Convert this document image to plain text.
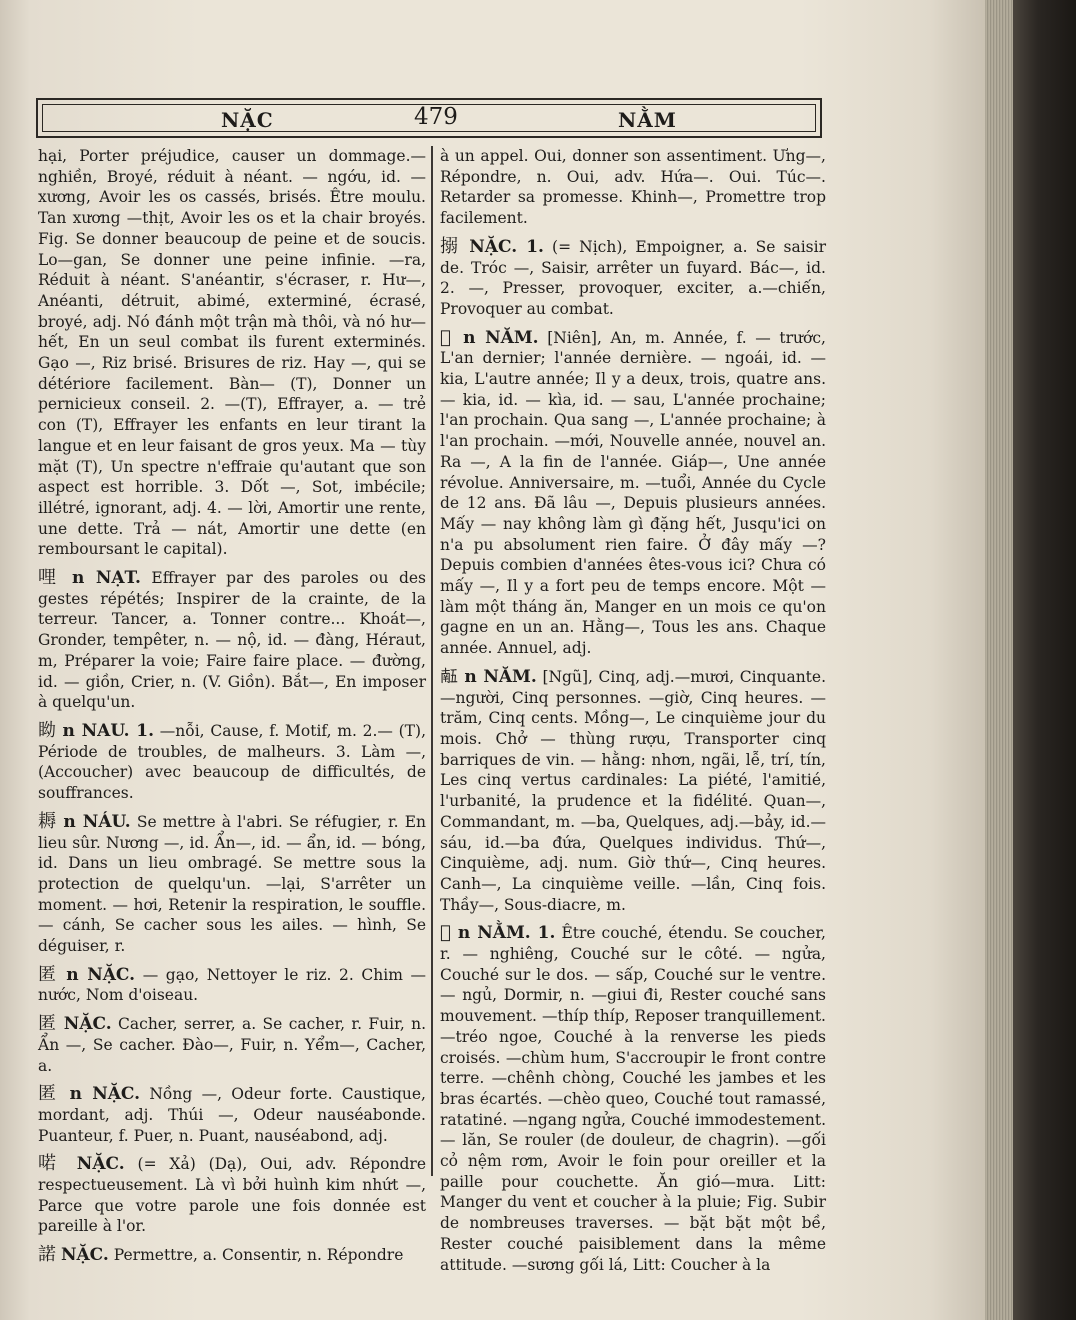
NẶC	479	NẰM

hại, Porter préjudice, causer un dommage.—nghiền, Broyé, réduit à néant. — ngớu, id. — xương, Avoir les os cassés, brisés. Être moulu. Tan xương —thịt, Avoir les os et la chair broyés. Fig. Se donner beaucoup de peine et de soucis. Lo—gan, Se donner une peine infinie. —ra, Réduit à néant. S'anéantir, s'écraser, r. Hư—, Anéanti, détruit, abimé, exterminé, écrasé, broyé, adj. Nó đánh một trận mà thôi, và nó hư—hết, En un seul combat ils furent exterminés. Gạo —, Riz brisé. Brisures de riz. Hay —, qui se détériore facilement. Bàn— (T), Donner un pernicieux conseil. 2. —(T), Effrayer, a. — trẻ con (T), Effrayer les enfants en leur tirant la langue et en leur faisant de gros yeux. Ma — tùy mặt (T), Un spectre n'effraie qu'autant que son aspect est horrible. 3. Dốt —, Sot, imbécile; illétré, ignorant, adj. 4. — lời, Amortir une rente, une dette. Trả — nát, Amortir une dette (en remboursant le capital).

哩 n NẠT. Effrayer par des paroles ou des gestes répétés; Inspirer de la crainte, de la terreur. Tancer, a. Tonner contre... Khoát—, Gronder, tempêter, n. — nộ, id. — đàng, Héraut, m, Préparer la voie; Faire faire place. — đường, id. — giồn, Crier, n. (V. Giồn). Bắt—, En imposer à quelqu'un.

眑 n NAU. 1. —nỗi, Cause, f. Motif, m. 2.— (T), Période de troubles, de malheurs. 3. Làm —, (Accoucher) avec beaucoup de difficultés, de souffrances.

耨 n NÁU. Se mettre à l'abri. Se réfugier, r. En lieu sûr. Nương —, id. Ẩn—, id. — ẩn, id. — bóng, id. Dans un lieu ombragé. Se mettre sous la protection de quelqu'un. —lại, S'arrêter un moment. — hơi, Retenir la respiration, le souffle. — cánh, Se cacher sous les ailes. — hình, Se déguiser, r.

匿 n NẶC. — gạo, Nettoyer le riz. 2. Chim — nước, Nom d'oiseau.

匿 NẶC. Cacher, serrer, a. Se cacher, r. Fuir, n. Ẩn —, Se cacher. Đào—, Fuir, n. Yểm—, Cacher, a.

匿 n NẶC. Nồng —, Odeur forte. Caustique, mordant, adj. Thúi —, Odeur nauséabonde. Puanteur, f. Puer, n. Puant, nauséabond, adj.

喏 NẶC. (= Xả) (Dạ), Oui, adv. Répondre respectueusement. Là vì bởi huình kim nhứt —, Parce que votre parole une fois donnée est pareille à l'or.

諾 NẶC. Permettre, a. Consentir, n. Répondre

à un appel. Oui, donner son assentiment. Ưng—, Répondre, n. Oui, adv. Hứa—. Oui. Túc—. Retarder sa promesse. Khinh—, Promettre trop facilement.

搦 NẶC. 1. (= Nịch), Empoigner, a. Se saisir de. Tróc —, Saisir, arrêter un fuyard. Bác—, id. 2. —, Presser, provoquer, exciter, a.—chiến, Provoquer au combat.

𢆥 n NĂM. [Niên], An, m. Année, f. — trước, L'an dernier; l'année dernière. — ngoái, id. — kia, L'autre année; Il y a deux, trois, quatre ans. — kia, id. — kìa, id. — sau, L'année prochaine; l'an prochain. Qua sang —, L'année prochaine; à l'an prochain. —mới, Nouvelle année, nouvel an. Ra —, A la fin de l'année. Giáp—, Une année révolue. Anniversaire, m. —tuổi, Année du Cycle de 12 ans. Đã lâu —, Depuis plusieurs années. Mấy — nay không làm gì đặng hết, Jusqu'ici on n'a pu absolument rien faire. Ở đây mấy —? Depuis combien d'années êtes-vous ici? Chưa có mấy —, Il y a fort peu de temps encore. Một — làm một tháng ăn, Manger en un mois ce qu'on gagne en un an. Hằng—, Tous les ans. Chaque année. Annuel, adj.

𠄼 n NĂM. [Ngũ], Cinq, adj.—mươi, Cinquante. —người, Cinq personnes. —giờ, Cinq heures. —trăm, Cinq cents. Mồng—, Le cinquième jour du mois. Chở — thùng rượu, Transporter cinq barriques de vin. — hằng: nhơn, ngãi, lễ, trí, tín, Les cinq vertus cardinales: La piété, l'amitié, l'urbanité, la prudence et la fidélité. Quan—, Commandant, m. —ba, Quelques, adj.—bảy, id.—sáu, id.—ba đứa, Quelques individus. Thứ—, Cinquième, adj. num. Giờ thứ—, Cinq heures. Canh—, La cinquième veille. —lần, Cinq fois. Thầy—, Sous-diacre, m.

𦣰 n NẰM. 1. Être couché, étendu. Se coucher, r. — nghiêng, Couché sur le côté. — ngửa, Couché sur le dos. — sấp, Couché sur le ventre. — ngủ, Dormir, n. —giui đi, Rester couché sans mouvement. —thíp thíp, Reposer tranquillement. —tréo ngoe, Couché à la renverse les pieds croisés. —chùm hum, S'accroupir le front contre terre. —chênh chòng, Couché les jambes et les bras écartés. —chèo queo, Couché tout ramassé, ratatiné. —ngang ngửa, Couché immodestement. — lăn, Se rouler (de douleur, de chagrin). —gối cỏ nệm rơm, Avoir le foin pour oreiller et la paille pour couchette. Ăn gió—mưa. Litt: Manger du vent et coucher à la pluie; Fig. Subir de nombreuses traverses. — bặt bặt một bề, Rester couché paisiblement dans la même attitude. —sương gối lá, Litt: Coucher à la
